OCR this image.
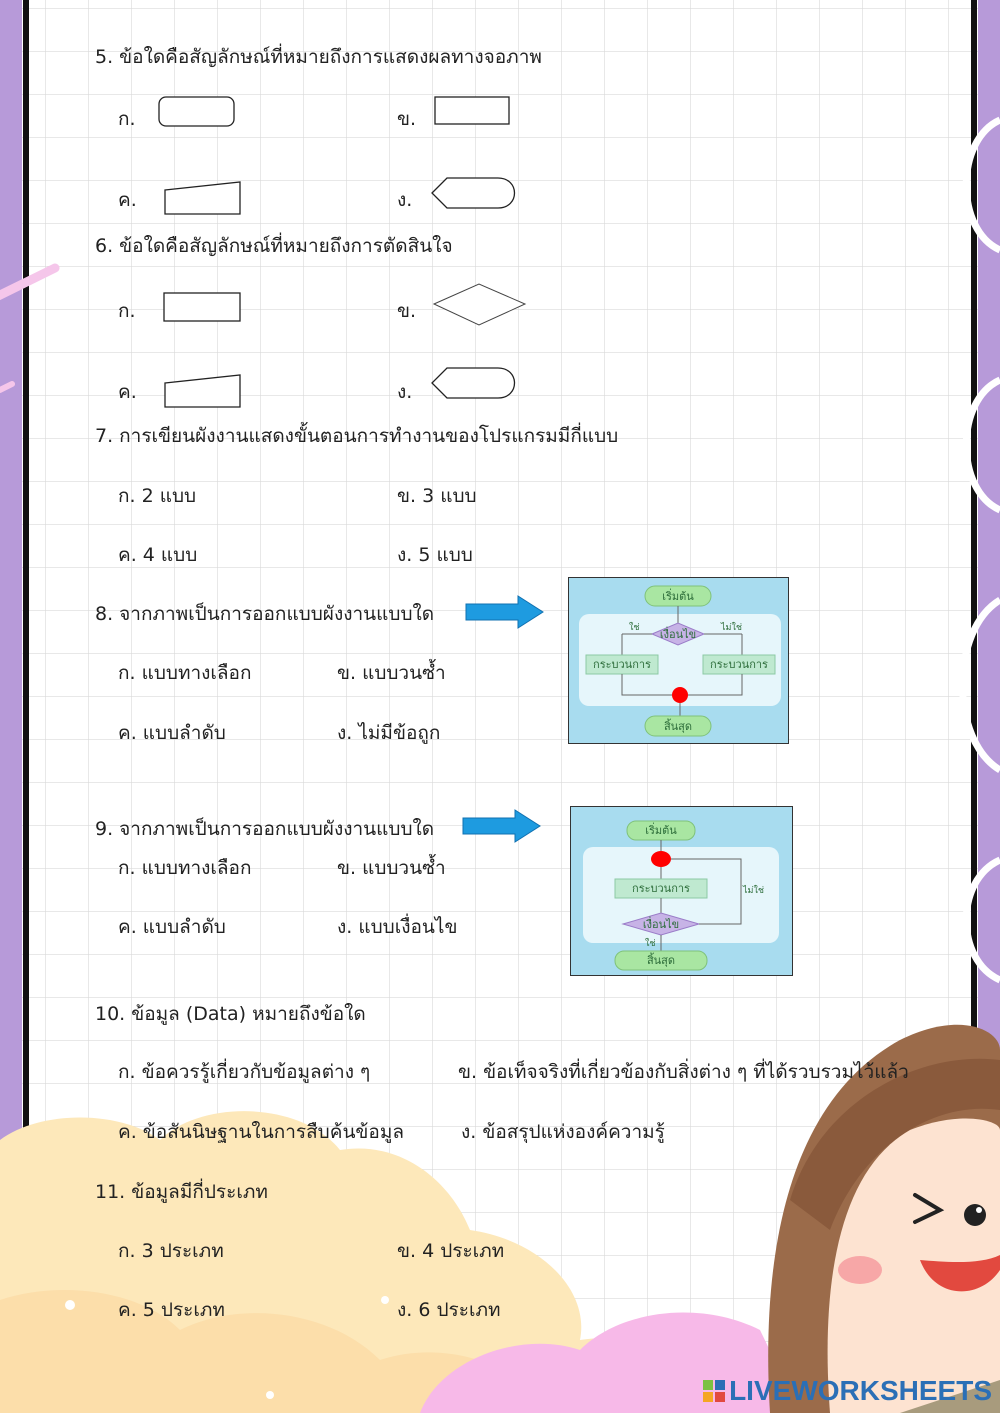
5. ข้อใดคือสัญลักษณ์ที่หมายถึงการแสดงผลทางจอภาพ
ก.	ข.
ค.	ง.
6. ข้อใดคือสัญลักษณ์ที่หมายถึงการตัดสินใจ
ก.	ข.
ค.	ง.
7. การเขียนผังงานแสดงขั้นตอนการทำงานของโปรแกรมมีกี่แบบ
ก. 2 แบบ	ข. 3 แบบ
ค. 4 แบบ	ง. 5 แบบ
8. จากภาพเป็นการออกแบบผังงานแบบใด
ก. แบบทางเลือก	ข. แบบวนซ้ำ
ค. แบบลำดับ	ง. ไม่มีข้อถูก
เริ่มต้น
เงื่อนไข
ใช่	ไม่ใช่
กระบวนการ	กระบวนการ
สิ้นสุด
9. จากภาพเป็นการออกแบบผังงานแบบใด
ก. แบบทางเลือก	ข. แบบวนซ้ำ
ค. แบบลำดับ	ง. แบบเงื่อนไข
เริ่มต้น
กระบวนการ
เงื่อนไข
ไม่ใช่
ใช่
สิ้นสุด
10. ข้อมูล (Data) หมายถึงข้อใด
ก. ข้อควรรู้เกี่ยวกับข้อมูลต่าง ๆ	ข. ข้อเท็จจริงที่เกี่ยวข้องกับสิ่งต่าง ๆ ที่ได้รวบรวมไว้แล้ว
ค. ข้อสันนิษฐานในการสืบค้นข้อมูล	ง. ข้อสรุปแห่งองค์ความรู้
11. ข้อมูลมีกี่ประเภท
ก. 3 ประเภท	ข. 4 ประเภท
ค. 5 ประเภท	ง. 6 ประเภท
LIVEWORKSHEETS
